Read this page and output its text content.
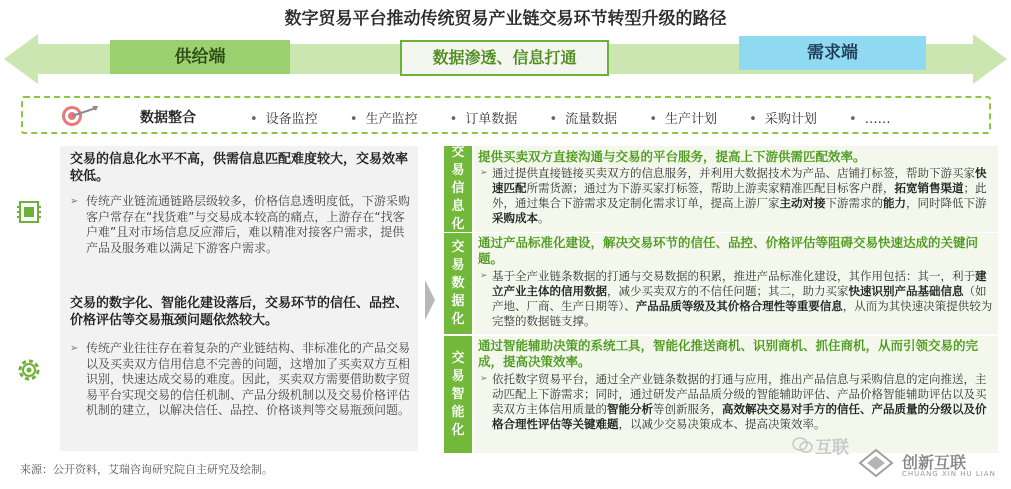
数字贸易平台推动传统贸易产业链交易环节转型升级的路径
供给端	需求端
数据渗透、信息打通
数据整合	• 设备监控 • 生产监控 • 订单数据 • 流量数据 • 生产计划 • 采购计划 • ……
交易的信息化水平不高，供需信息匹配难度较大，交易效率较低。
➢ 传统产业链流通链路层级较多，价格信息透明度低，下游采购客户常存在“找货难”与交易成本较高的痛点，上游存在“找客户难”且对市场信息反应滞后，难以精准对接客户需求，提供产品及服务难以满足下游客户需求。
交易的数字化、智能化建设落后，交易环节的信任、品控、价格评估等交易瓶颈问题依然较大。
➢ 传统产业往往存在着复杂的产业链结构、非标准化的产品交易以及买卖双方信用信息不完善的问题，这增加了买卖双方互相识别，快速达成交易的难度。因此，买卖双方需要借助数字贸易平台实现交易的信任机制、产品分级机制以及交易价格评估机制的建立，以解决信任、品控、价格谈判等交易瓶颈问题。
交易信息化
提供买卖双方直接沟通与交易的平台服务，提高上下游供需匹配效率。
➢ 通过提供直接链接买卖双方的信息服务，并利用大数据技术为产品、店铺打标签，帮助下游买家快速匹配所需货源；通过为下游买家打标签，帮助上游卖家精准匹配目标客户群，拓宽销售渠道；此外，通过集合下游需求及定制化需求订单，提高上游厂家主动对接下游需求的能力，同时降低下游采购成本。
交易数据化
通过产品标准化建设，解决交易环节的信任、品控、价格评估等阻碍交易快速达成的关键问题。
➢ 基于全产业链条数据的打通与交易数据的积累，推进产品标准化建设，其作用包括：其一，利于建立产业主体的信用数据，减少买卖双方的不信任问题；其二，助力买家快速识别产品基础信息（如产地、厂商、生产日期等）、产品品质等级及其价格合理性等重要信息，从而为其快速决策提供较为完整的数据链支撑。
交易智能化
通过智能辅助决策的系统工具，智能化推送商机、识别商机、抓住商机，从而引领交易的完成，提高决策效率。
➢ 依托数字贸易平台，通过全产业链条数据的打通与应用，推出产品信息与采购信息的定向推送，主动匹配上下游需求；同时，通过研发产品品质分级的智能辅助评估、产品价格智能辅助评估以及买卖双方主体信用质量的智能分析等创新服务，高效解决交易对手方的信任、产品质量的分级以及价格合理性评估等关键难题，以减少交易决策成本、提高决策效率。
来源：公开资料，艾瑞咨询研究院自主研究及绘制。
互联
创新互联
CHUANG XIN HU LIAN
